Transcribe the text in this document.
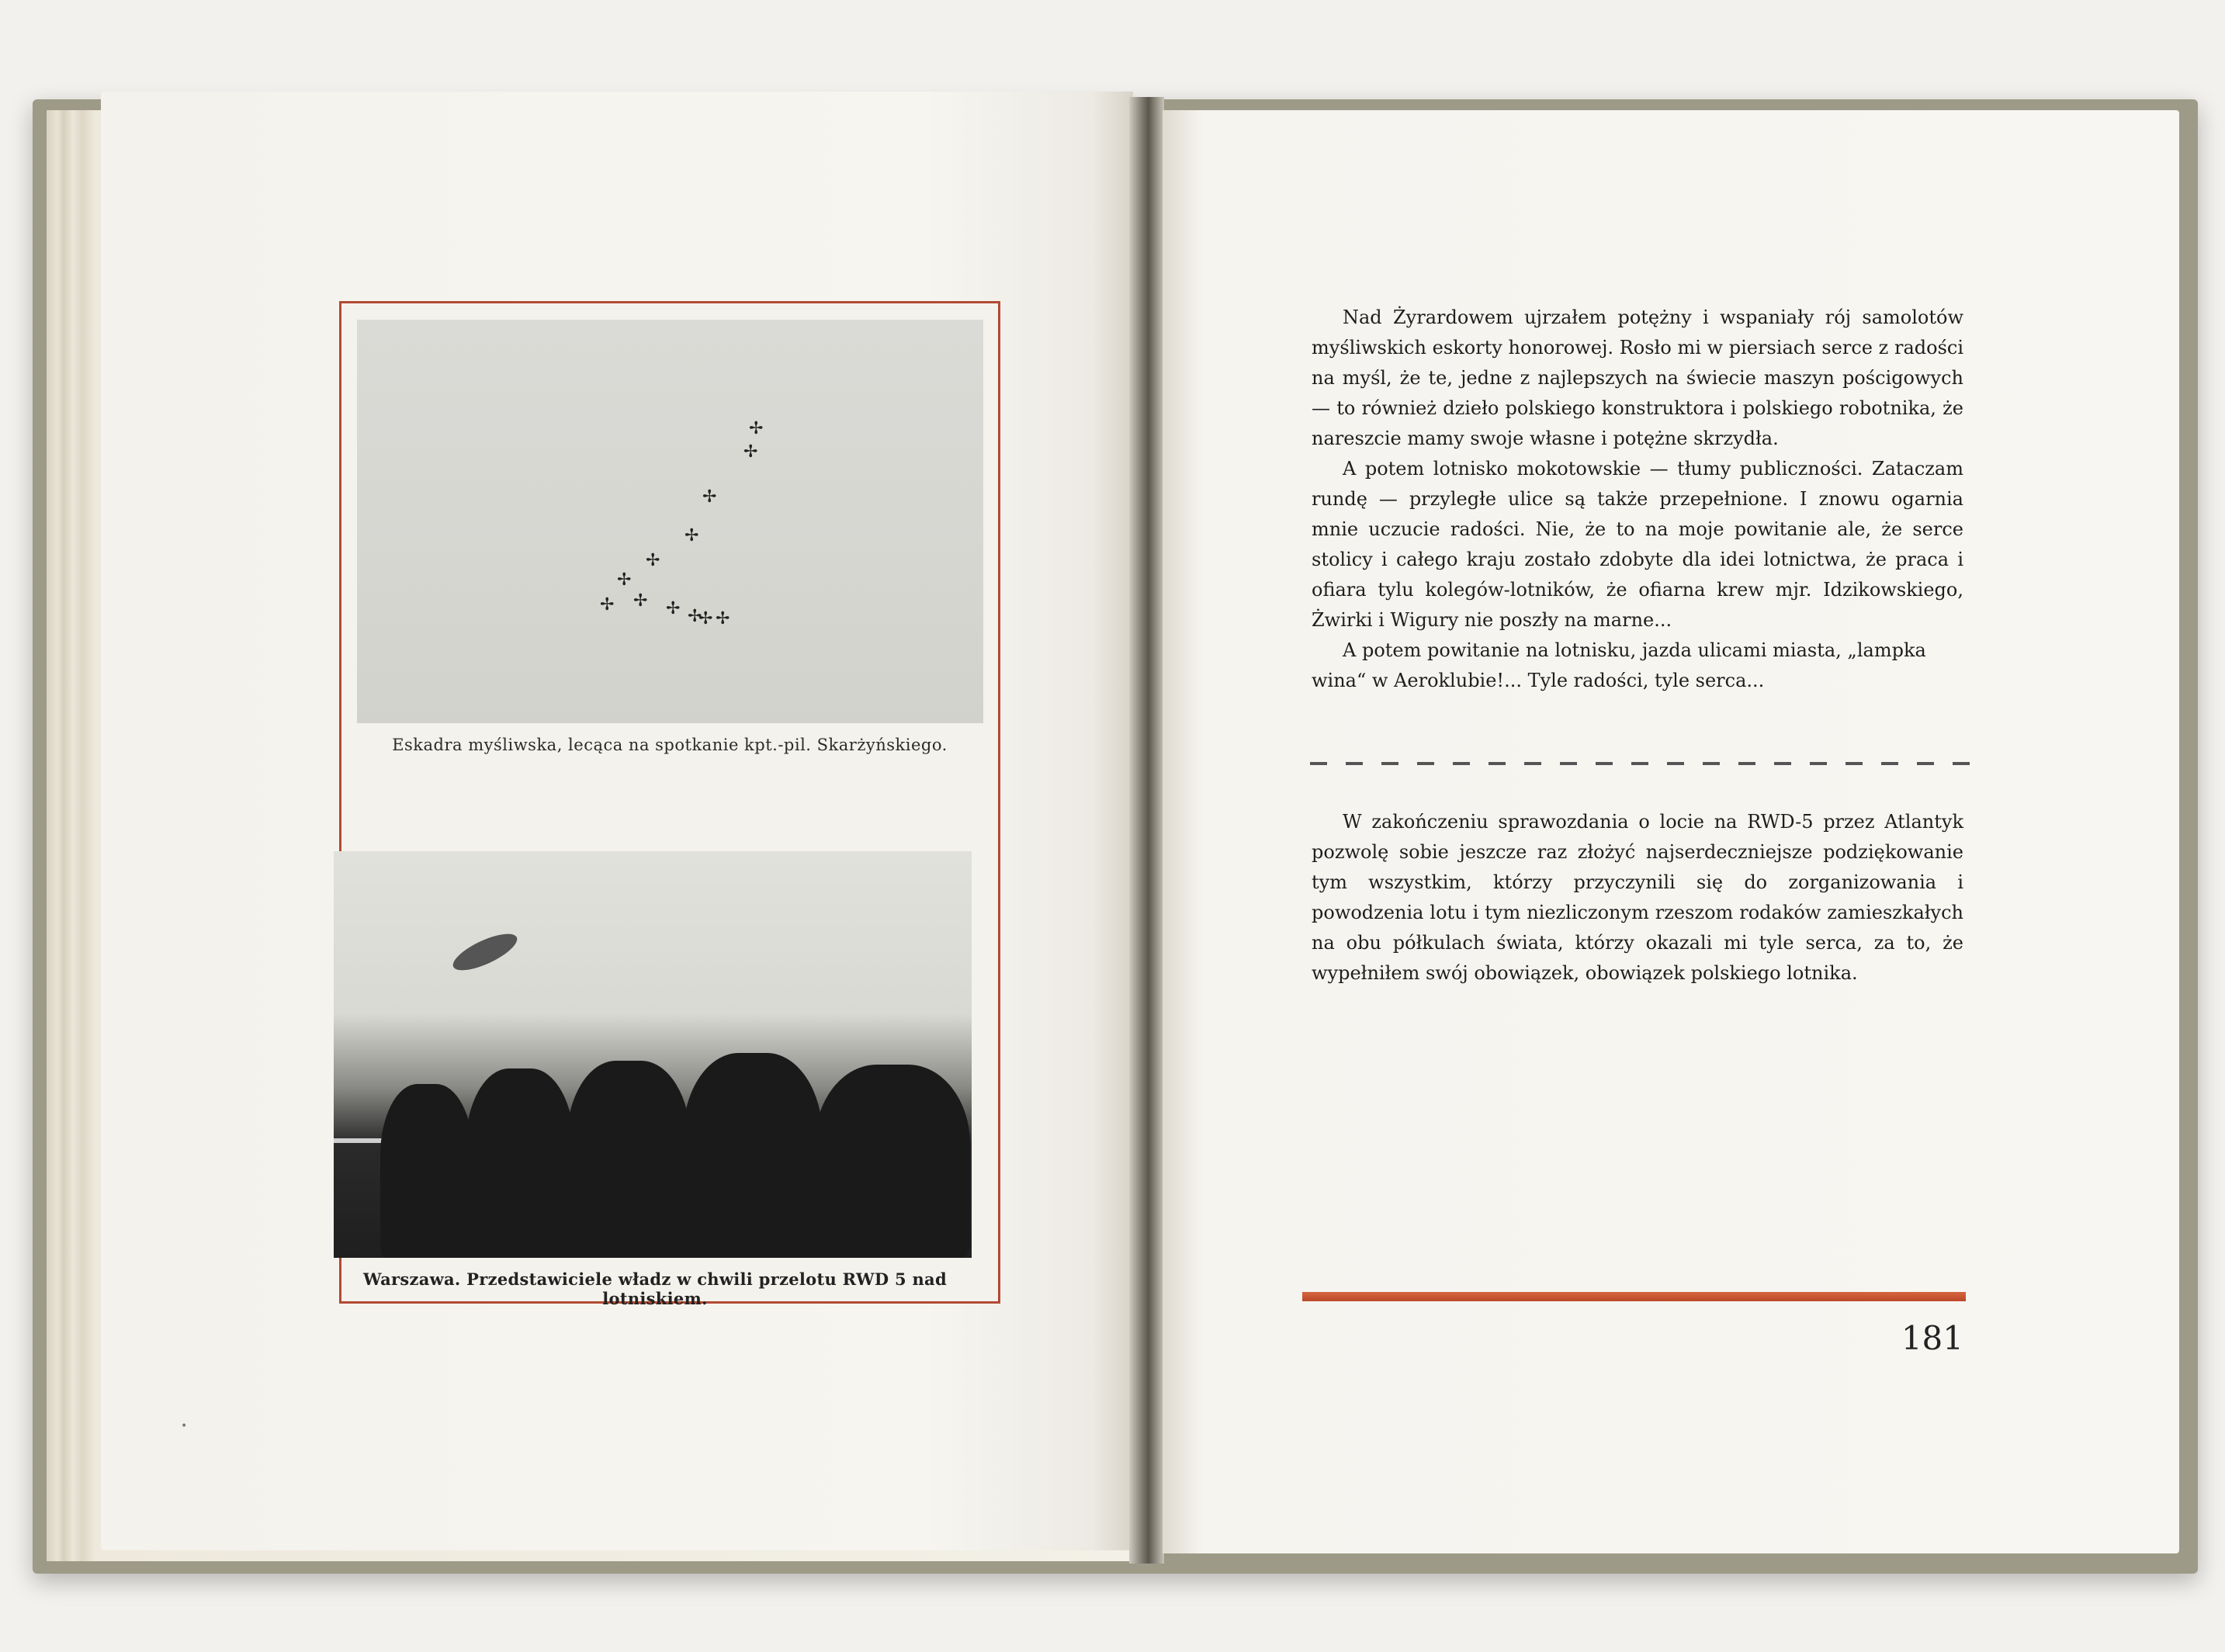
✢
✢
✢
✢
✢
✢
✢
✢	✢ ✢
✢ ✢
Eskadra myśliwska, lecąca na spotkanie kpt.-pil. Skarżyńskiego.
Warszawa. Przedstawiciele władz w chwili przelotu RWD 5 nad lotniskiem.
•

Nad Żyrardowem ujrzałem potężny i wspaniały rój samolotów myśliwskich eskorty honorowej. Rosło mi w piersiach serce z radości na myśl, że te, jedne z najlepszych na świecie maszyn pościgowych — to również dzieło polskiego konstruktora i polskiego robotnika, że nareszcie mamy swoje własne i potężne skrzydła.

A potem lotnisko mokotowskie — tłumy publiczności. Zataczam rundę — przyległe ulice są także przepełnione. I znowu ogarnia mnie uczucie radości. Nie, że to na moje powitanie ale, że serce stolicy i całego kraju zostało zdobyte dla idei lotnictwa, że praca i ofiara tylu kolegów-lotników, że ofiarna krew mjr. Idzikowskiego, Żwirki i Wigury nie poszły na marne...

A potem powitanie na lotnisku, jazda ulicami miasta, „lampka wina“ w Aeroklubie!... Tyle radości, tyle serca...

W zakończeniu sprawozdania o locie na RWD-5 przez Atlantyk pozwolę sobie jeszcze raz złożyć najserdeczniejsze podziękowanie tym wszystkim, którzy przyczynili się do zorganizowania i powodzenia lotu i tym niezliczonym rzeszom rodaków zamieszkałych na obu półkulach świata, którzy okazali mi tyle serca, za to, że wypełniłem swój obowiązek, obowiązek polskiego lotnika.

181
